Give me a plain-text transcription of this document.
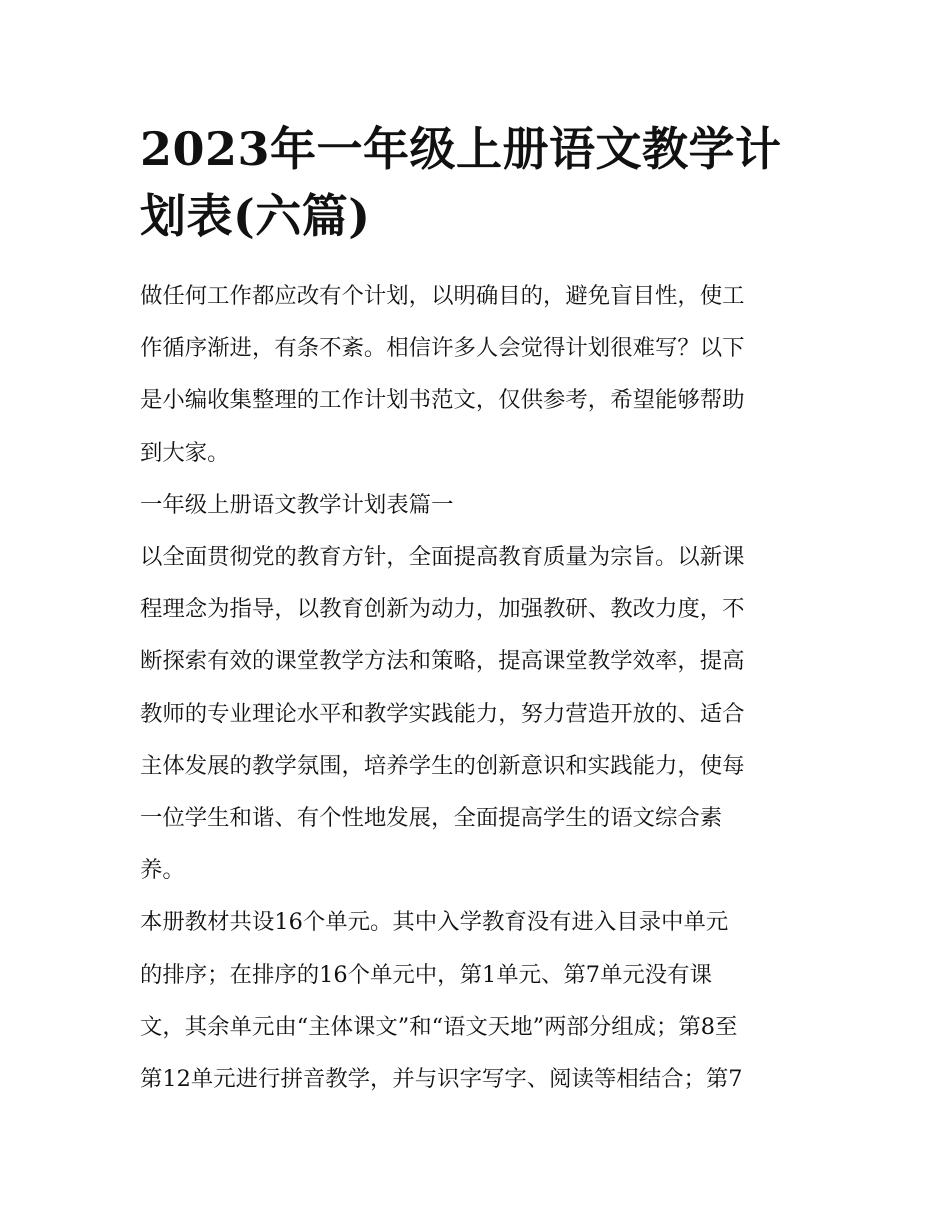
2023年一年级上册语文教学计
划表(六篇)
做任何工作都应改有个计划，以明确目的，避免盲目性，使工
作循序渐进，有条不紊。相信许多人会觉得计划很难写？以下
是小编收集整理的工作计划书范文，仅供参考，希望能够帮助
到大家。
一年级上册语文教学计划表篇一
以全面贯彻党的教育方针，全面提高教育质量为宗旨。以新课
程理念为指导，以教育创新为动力，加强教研、教改力度，不
断探索有效的课堂教学方法和策略，提高课堂教学效率，提高
教师的专业理论水平和教学实践能力，努力营造开放的、适合
主体发展的教学氛围，培养学生的创新意识和实践能力，使每
一位学生和谐、有个性地发展，全面提高学生的语文综合素
养。
本册教材共设16个单元。其中入学教育没有进入目录中单元
的排序；在排序的16个单元中，第1单元、第7单元没有课
文，其余单元由“主体课文”和“语文天地”两部分组成；第8至
第12单元进行拼音教学，并与识字写字、阅读等相结合；第7
